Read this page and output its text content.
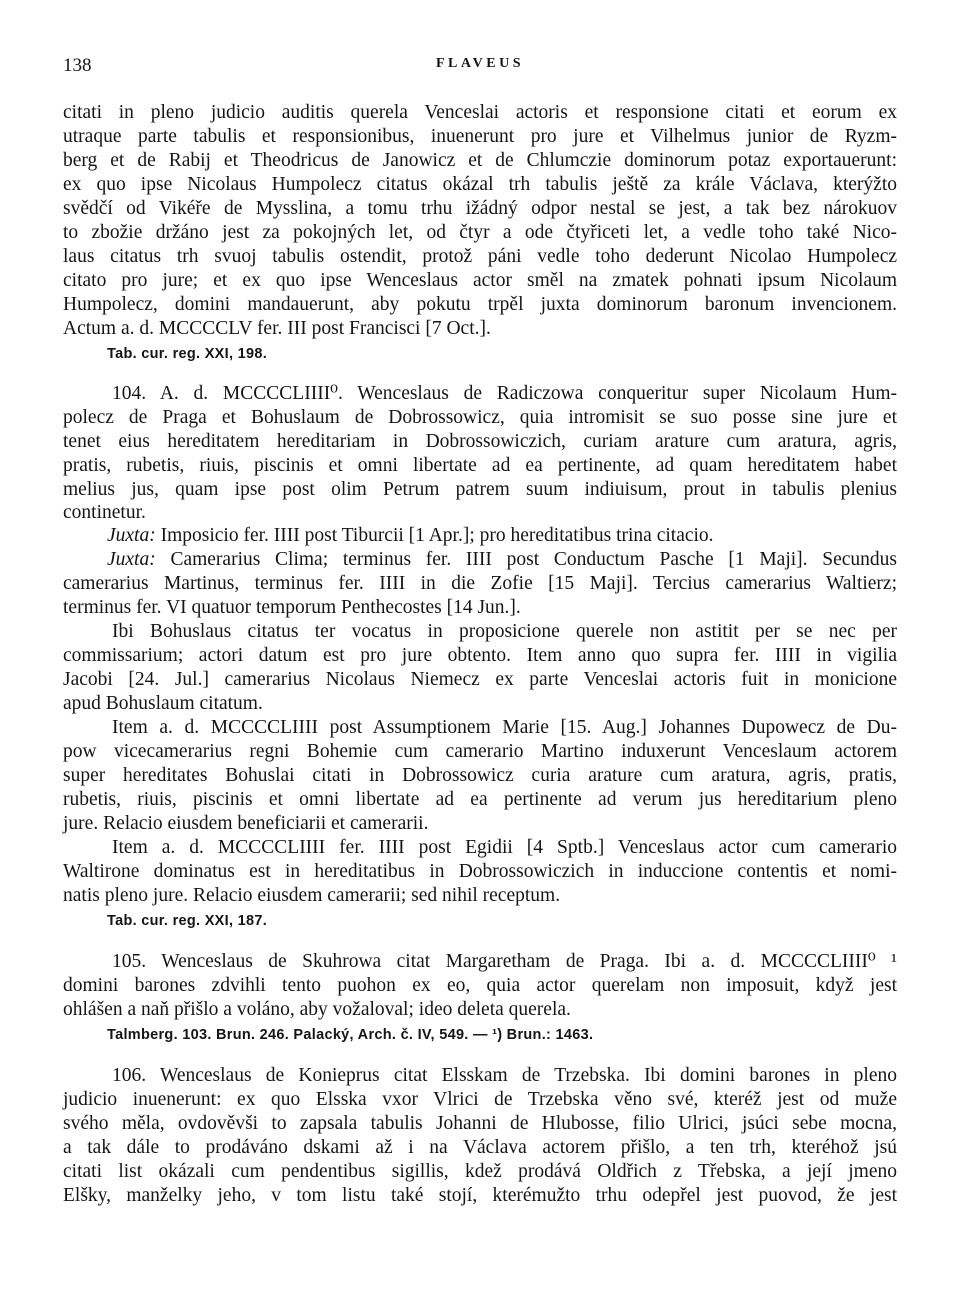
138	FLAVEUS
citati in pleno judicio auditis querela Venceslai actoris et responsione citati et eorum ex
utraque parte tabulis et responsionibus, inuenerunt pro jure et Vilhelmus junior de Ryzm-
berg et de Rabij et Theodricus de Janowicz et de Chlumczie dominorum potaz exportauerunt:
ex quo ipse Nicolaus Humpolecz citatus okázal trh tabulis ještě za krále Václava, kterýžto
svědčí od Vikéře de Mysslina, a tomu trhu ižádný odpor nestal se jest, a tak bez nárokuov
to zbožie držáno jest za pokojných let, od čtyr a ode čtyřiceti let, a vedle toho také Nico-
laus citatus trh svuoj tabulis ostendit, protož páni vedle toho dederunt Nicolao Humpolecz
citato pro jure; et ex quo ipse Wenceslaus actor směl na zmatek pohnati ipsum Nicolaum
Humpolecz, domini mandauerunt, aby pokutu trpěl juxta dominorum baronum invencionem.
Actum a. d. MCCCCLV fer. III post Francisci [7 Oct.].
Tab. cur. reg. XXI, 198.
104. A. d. MCCCCLIIII⁰. Wenceslaus de Radiczowa conqueritur super Nicolaum Hum-
polecz de Praga et Bohuslaum de Dobrossowicz, quia intromisit se suo posse sine jure et
tenet eius hereditatem hereditariam in Dobrossowiczich, curiam arature cum aratura, agris,
pratis, rubetis, riuis, piscinis et omni libertate ad ea pertinente, ad quam hereditatem habet
melius jus, quam ipse post olim Petrum patrem suum indiuisum, prout in tabulis plenius
continetur.
Juxta: Imposicio fer. IIII post Tiburcii [1 Apr.]; pro hereditatibus trina citacio.
Juxta: Camerarius Clima; terminus fer. IIII post Conductum Pasche [1 Maji]. Secundus
camerarius Martinus, terminus fer. IIII in die Zofie [15 Maji]. Tercius camerarius Waltierz;
terminus fer. VI quatuor temporum Penthecostes [14 Jun.].
Ibi Bohuslaus citatus ter vocatus in proposicione querele non astitit per se nec per
commissarium; actori datum est pro jure obtento. Item anno quo supra fer. IIII in vigilia
Jacobi [24. Jul.] camerarius Nicolaus Niemecz ex parte Venceslai actoris fuit in monicione
apud Bohuslaum citatum.
Item a. d. MCCCCLIIII post Assumptionem Marie [15. Aug.] Johannes Dupowecz de Du-
pow vicecamerarius regni Bohemie cum camerario Martino induxerunt Venceslaum actorem
super hereditates Bohuslai citati in Dobrossowicz curia arature cum aratura, agris, pratis,
rubetis, riuis, piscinis et omni libertate ad ea pertinente ad verum jus hereditarium pleno
jure. Relacio eiusdem beneficiarii et camerarii.
Item a. d. MCCCCLIIII fer. IIII post Egidii [4 Sptb.] Venceslaus actor cum camerario
Waltirone dominatus est in hereditatibus in Dobrossowiczich in induccione contentis et nomi-
natis pleno jure. Relacio eiusdem camerarii; sed nihil receptum.
Tab. cur. reg. XXI, 187.
105. Wenceslaus de Skuhrowa citat Margaretham de Praga. Ibi a. d. MCCCCLIIII⁰ ¹
domini barones zdvihli tento puohon ex eo, quia actor querelam non imposuit, když jest
ohlášen a naň přišlo a voláno, aby vožaloval; ideo deleta querela.
Talmberg. 103. Brun. 246. Palacký, Arch. č. IV, 549. — ¹) Brun.: 1463.
106. Wenceslaus de Konieprus citat Elsskam de Trzebska. Ibi domini barones in pleno
judicio inuenerunt: ex quo Elsska vxor Vlrici de Trzebska věno své, kteréž jest od muže
svého měla, ovdověvši to zapsala tabulis Johanni de Hlubosse, filio Ulrici, jsúci sebe mocna,
a tak dále to prodáváno dskami až i na Václava actorem přišlo, a ten trh, kteréhož jsú
citati list okázali cum pendentibus sigillis, kdež prodává Oldřich z Třebska, a její jmeno
Elšky, manželky jeho, v tom listu také stojí, kterémužto trhu odepřel jest puovod, že jest
